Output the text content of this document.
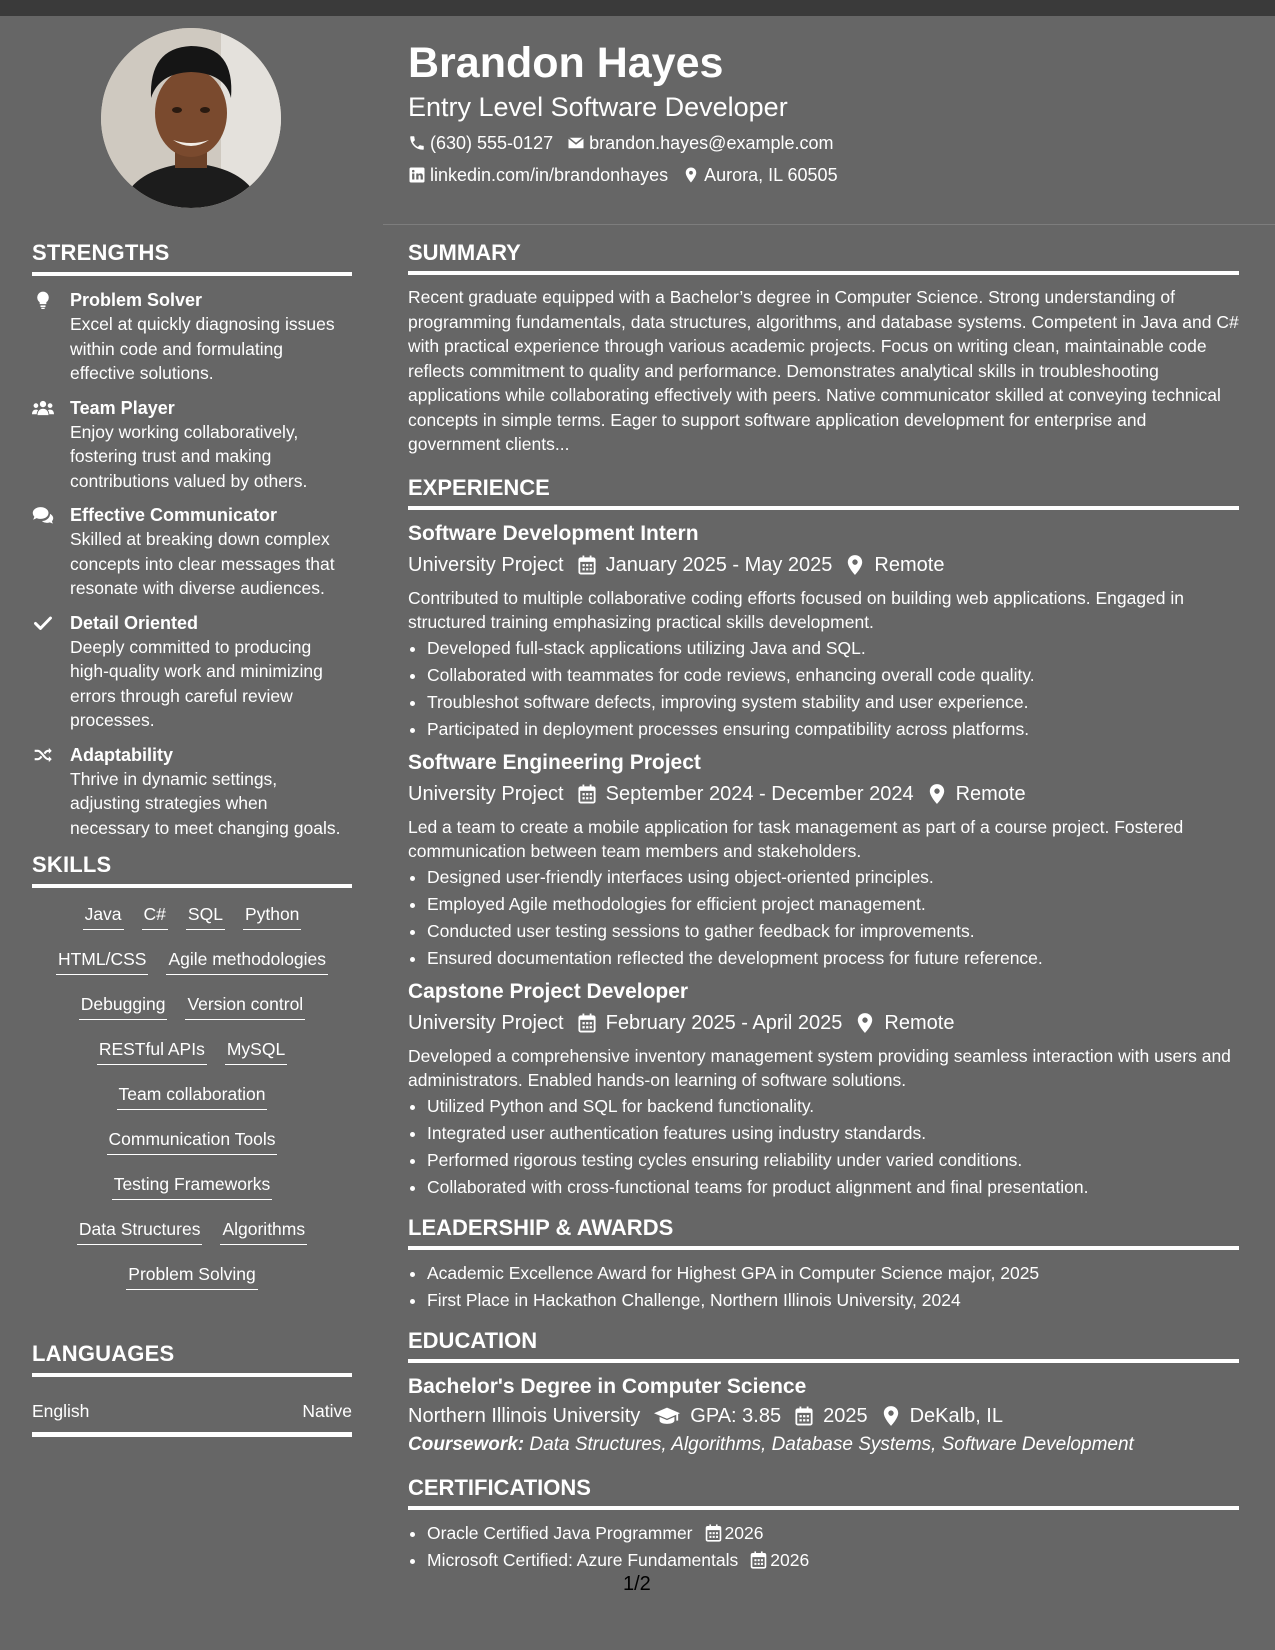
Brandon Hayes
Entry Level Software Developer
(630) 555-0127 brandon.hayes@example.com
linkedin.com/in/brandonhayes Aurora, IL 60505
STRENGTHS
Problem Solver
Excel at quickly diagnosing issues within code and formulating effective solutions.
Team Player
Enjoy working collaboratively, fostering trust and making contributions valued by others.
Effective Communicator
Skilled at breaking down complex concepts into clear messages that resonate with diverse audiences.
Detail Oriented
Deeply committed to producing high-quality work and minimizing errors through careful review processes.
Adaptability
Thrive in dynamic settings, adjusting strategies when necessary to meet changing goals.
SKILLS
Java C# SQL Python
HTML/CSS Agile methodologies
Debugging Version control
RESTful APIs MySQL
Team collaboration
Communication Tools
Testing Frameworks
Data Structures Algorithms
Problem Solving
LANGUAGES
English	Native
SUMMARY
Recent graduate equipped with a Bachelor’s degree in Computer Science. Strong understanding of programming fundamentals, data structures, algorithms, and database systems. Competent in Java and C# with practical experience through various academic projects. Focus on writing clean, maintainable code reflects commitment to quality and performance. Demonstrates analytical skills in troubleshooting applications while collaborating effectively with peers. Native communicator skilled at conveying technical concepts in simple terms. Eager to support software application development for enterprise and government clients...
EXPERIENCE
Software Development Intern
University Project January 2025 - May 2025 Remote
Contributed to multiple collaborative coding efforts focused on building web applications. Engaged in structured training emphasizing practical skills development.
• Developed full-stack applications utilizing Java and SQL.
• Collaborated with teammates for code reviews, enhancing overall code quality.
• Troubleshot software defects, improving system stability and user experience.
• Participated in deployment processes ensuring compatibility across platforms.
Software Engineering Project
University Project September 2024 - December 2024 Remote
Led a team to create a mobile application for task management as part of a course project. Fostered communication between team members and stakeholders.
• Designed user-friendly interfaces using object-oriented principles.
• Employed Agile methodologies for efficient project management.
• Conducted user testing sessions to gather feedback for improvements.
• Ensured documentation reflected the development process for future reference.
Capstone Project Developer
University Project February 2025 - April 2025 Remote
Developed a comprehensive inventory management system providing seamless interaction with users and administrators. Enabled hands-on learning of software solutions.
• Utilized Python and SQL for backend functionality.
• Integrated user authentication features using industry standards.
• Performed rigorous testing cycles ensuring reliability under varied conditions.
• Collaborated with cross-functional teams for product alignment and final presentation.
LEADERSHIP & AWARDS
• Academic Excellence Award for Highest GPA in Computer Science major, 2025
• First Place in Hackathon Challenge, Northern Illinois University, 2024
EDUCATION
Bachelor's Degree in Computer Science
Northern Illinois University	GPA: 3.85 2025 DeKalb, IL
Coursework: Data Structures, Algorithms, Database Systems, Software Development
CERTIFICATIONS
• Oracle Certified Java Programmer 2026
• Microsoft Certified: Azure Fundamentals 2026
1/2
